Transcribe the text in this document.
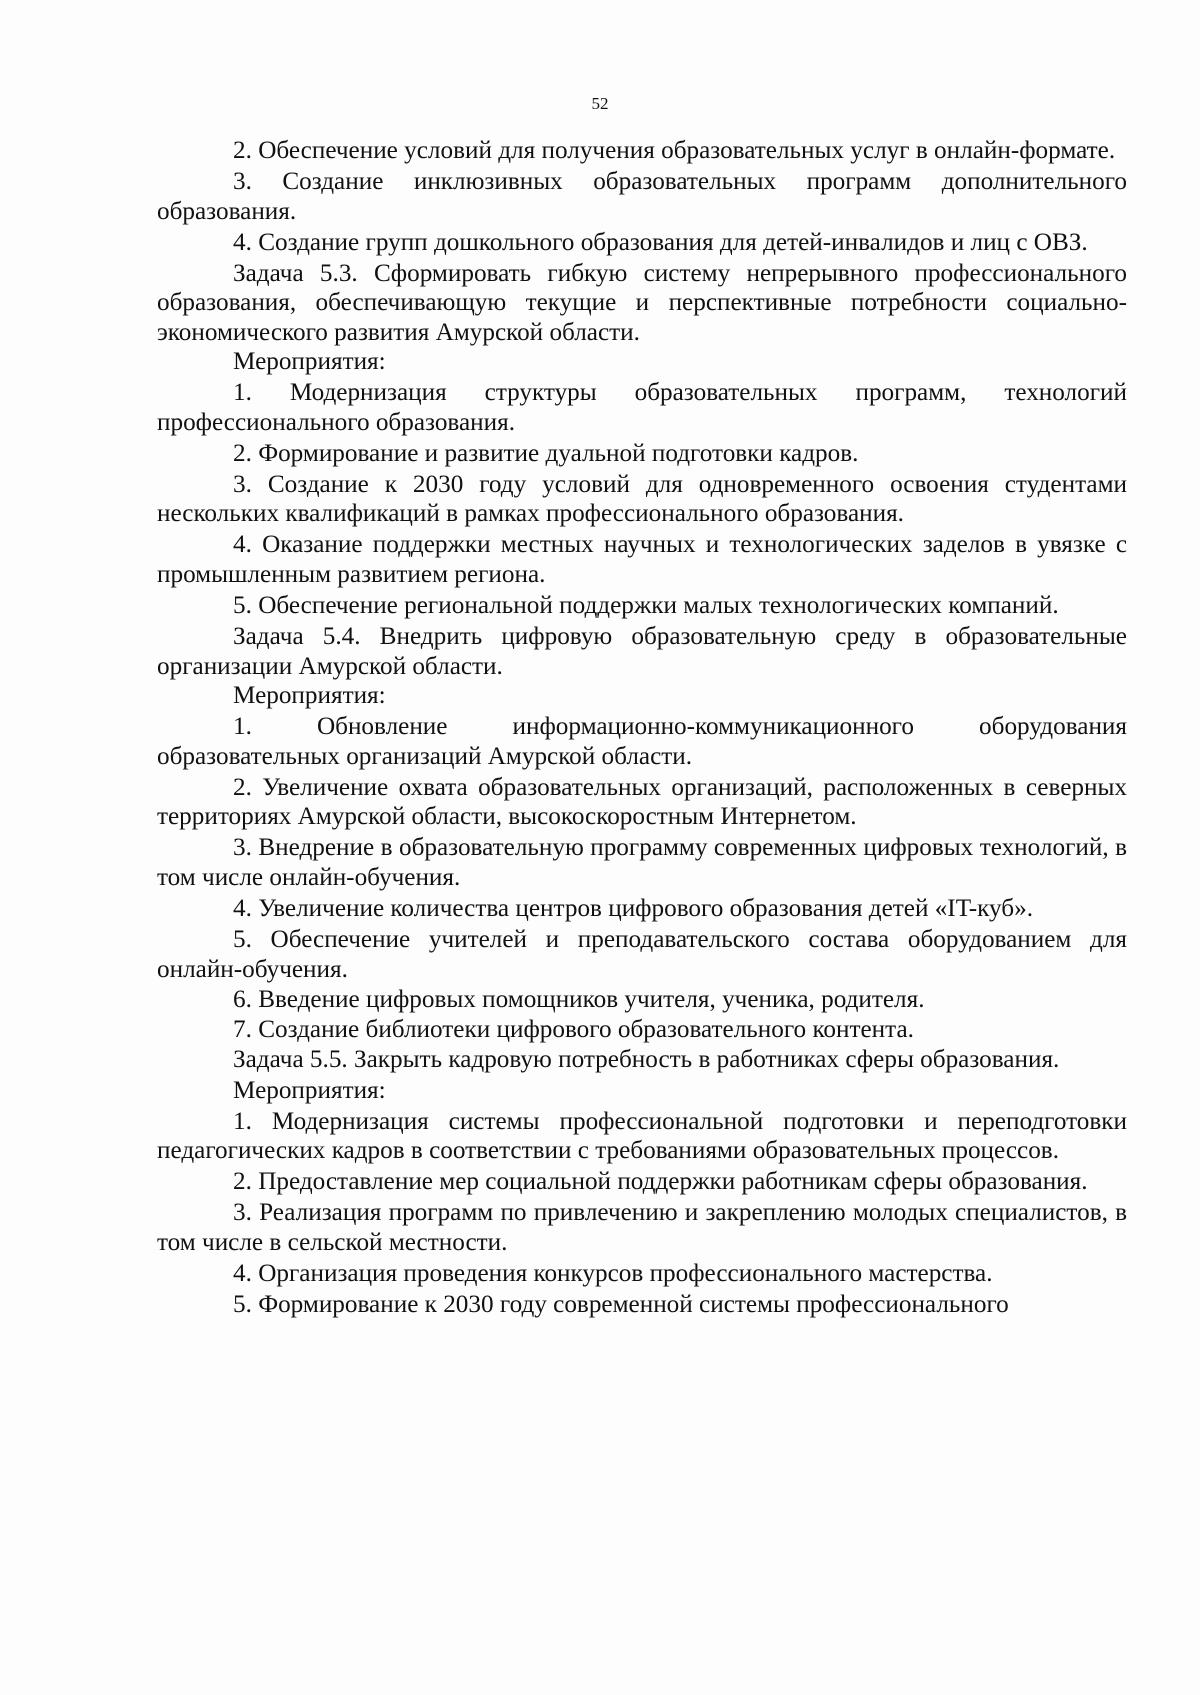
52

2. Обеспечение условий для получения образовательных услуг в онлайн-формате.

3. Создание инклюзивных образовательных программ дополнительного образования.

4. Создание групп дошкольного образования для детей-инвалидов и лиц с ОВЗ.

Задача 5.3. Сформировать гибкую систему непрерывного профессионального образования, обеспечивающую текущие и перспективные потребности социально-экономического развития Амурской области.

Мероприятия:

1. Модернизация структуры образовательных программ, технологий профессионального образования.

2. Формирование и развитие дуальной подготовки кадров.

3. Создание к 2030 году условий для одновременного освоения студентами нескольких квалификаций в рамках профессионального образования.

4. Оказание поддержки местных научных и технологических заделов в увязке с промышленным развитием региона.

5. Обеспечение региональной поддержки малых технологических компаний.

Задача 5.4. Внедрить цифровую образовательную среду в образовательные организации Амурской области.

Мероприятия:

1. Обновление информационно-коммуникационного оборудования образовательных организаций Амурской области.

2. Увеличение охвата образовательных организаций, расположенных в северных территориях Амурской области, высокоскоростным Интернетом.

3. Внедрение в образовательную программу современных цифровых технологий, в том числе онлайн-обучения.

4. Увеличение количества центров цифрового образования детей «IT-куб».

5. Обеспечение учителей и преподавательского состава оборудованием для онлайн-обучения.

6. Введение цифровых помощников учителя, ученика, родителя.

7. Создание библиотеки цифрового образовательного контента.

Задача 5.5. Закрыть кадровую потребность в работниках сферы образования.

Мероприятия:

1. Модернизация системы профессиональной подготовки и переподготовки педагогических кадров в соответствии с требованиями образовательных процессов.

2. Предоставление мер социальной поддержки работникам сферы образования.

3. Реализация программ по привлечению и закреплению молодых специалистов, в том числе в сельской местности.

4. Организация проведения конкурсов профессионального мастерства.

5. Формирование к 2030 году современной системы профессионального
